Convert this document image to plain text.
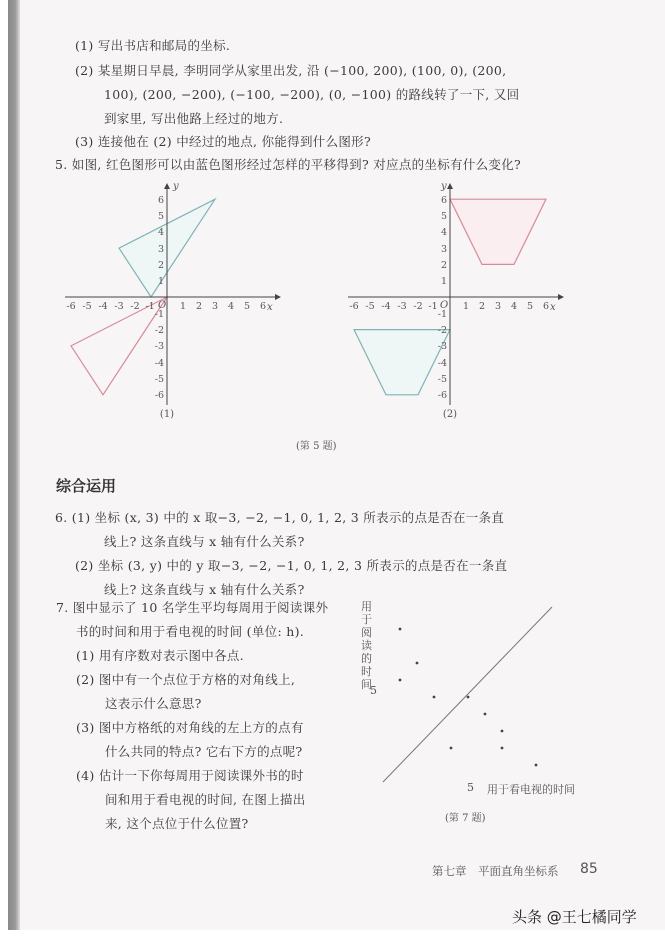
(1) 写出书店和邮局的坐标.
(2) 某星期日早晨, 李明同学从家里出发, 沿 (−100, 200), (100, 0), (200,
100), (200, −200), (−100, −200), (0, −100) 的路线转了一下, 又回
到家里, 写出他路上经过的地方.
(3) 连接他在 (2) 中经过的地点, 你能得到什么图形?
5. 如图, 红色图形可以由蓝色图形经过怎样的平移得到? 对应点的坐标有什么变化?
y
x
O
-6 -5 -4 -3 -2 -1	1 2 3 4 5 6
6
5
4
3
2
1
-1
-2
-3
-4
-5
-6
(1)
y
x
O
-6 -5 -4 -3 -2 -1	1 2 3 4 5 6
6
5
4
3
2
1
-1
-2
-3
-4
-5
-6
(2)
(第 5 题)
综合运用
6. (1) 坐标 (x, 3) 中的 x 取−3, −2, −1, 0, 1, 2, 3 所表示的点是否在一条直
线上? 这条直线与 x 轴有什么关系?
(2) 坐标 (3, y) 中的 y 取−3, −2, −1, 0, 1, 2, 3 所表示的点是否在一条直
线上? 这条直线与 x 轴有什么关系?
7. 图中显示了 10 名学生平均每周用于阅读课外
书的时间和用于看电视的时间 (单位: h).
(1) 用有序数对表示图中各点.
(2) 图中有一个点位于方格的对角线上,
这表示什么意思?
(3) 图中方格纸的对角线的左上方的点有
什么共同的特点? 它右下方的点呢?
(4) 估计一下你每周用于阅读课外书的时
间和用于看电视的时间, 在图上描出
来, 这个点位于什么位置?
用于阅读的时间
5
5 用于看电视的时间
(第 7 题)
第七章　平面直角坐标系 85
头条 @王七橘同学
